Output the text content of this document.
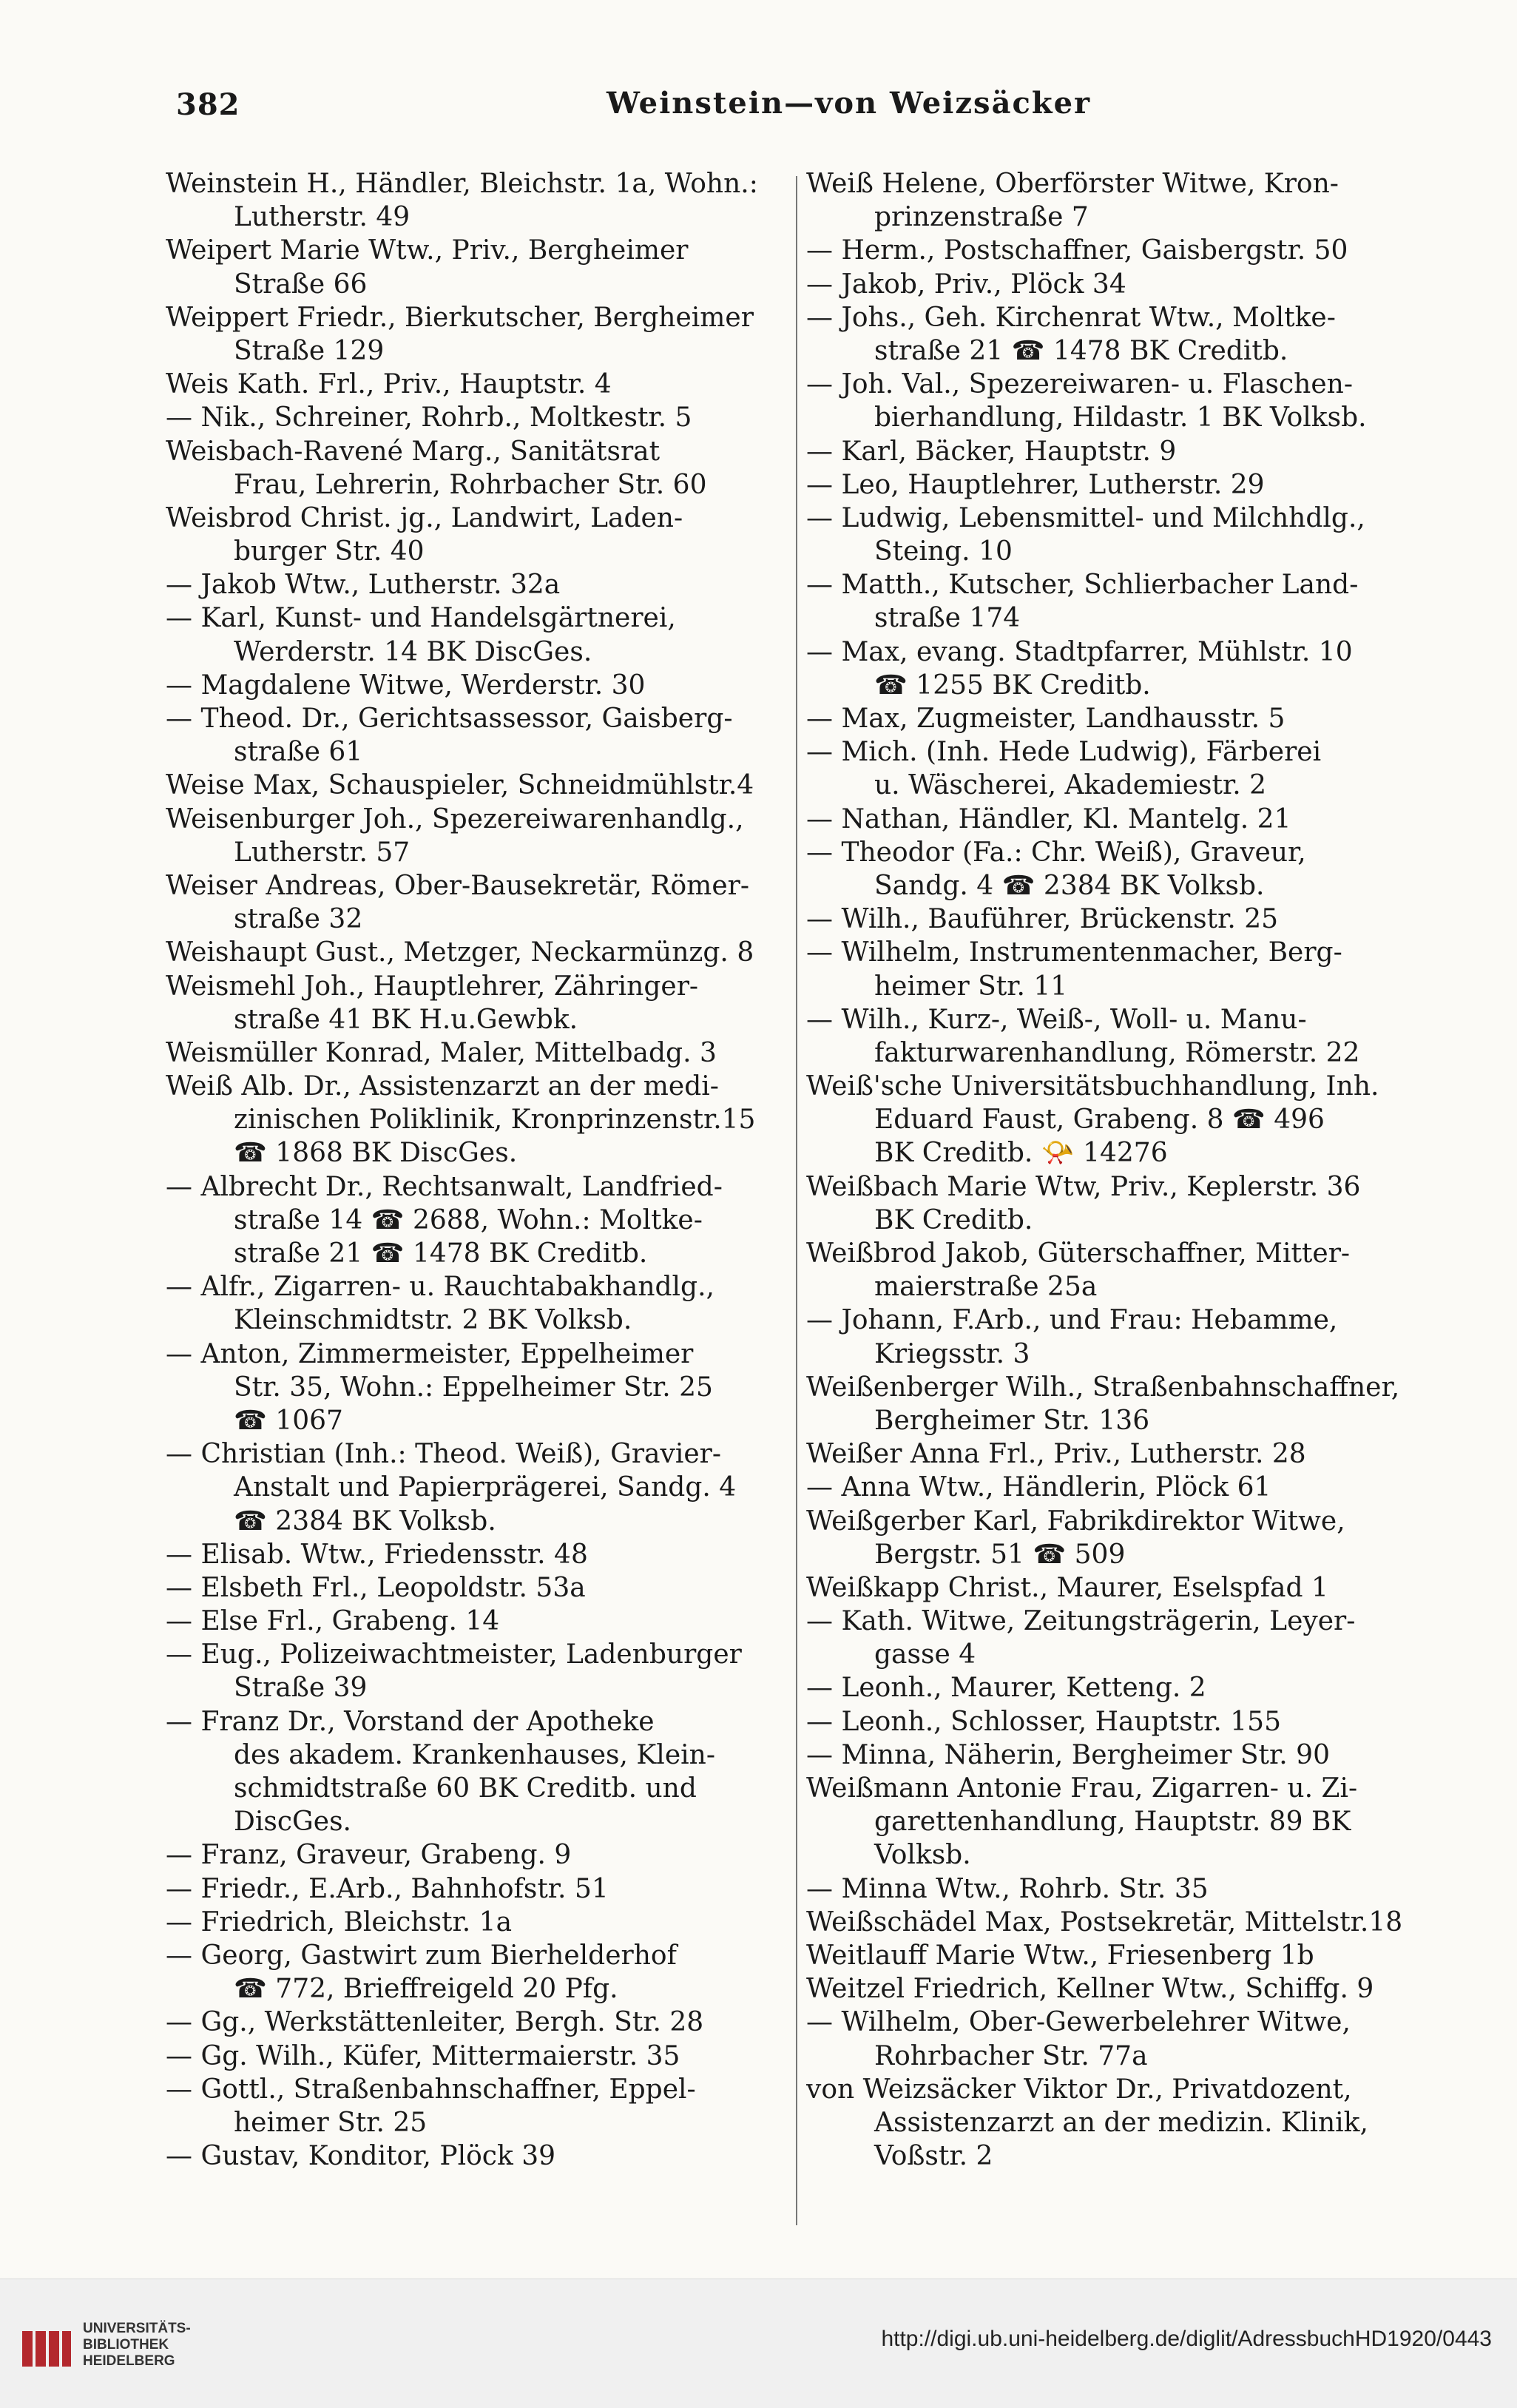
382	Weinstein—von Weizsäcker
Weinstein H., Händler, Bleichstr. 1a, Wohn.:
Lutherstr. 49
Weipert Marie Wtw., Priv., Bergheimer
Straße 66
Weippert Friedr., Bierkutscher, Bergheimer
Straße 129
Weis Kath. Frl., Priv., Hauptstr. 4
— Nik., Schreiner, Rohrb., Moltkestr. 5
Weisbach-Ravené Marg., Sanitätsrat
Frau, Lehrerin, Rohrbacher Str. 60
Weisbrod Christ. jg., Landwirt, Laden-
burger Str. 40
— Jakob Wtw., Lutherstr. 32a
— Karl, Kunst- und Handelsgärtnerei,
Werderstr. 14 BK DiscGes.
— Magdalene Witwe, Werderstr. 30
— Theod. Dr., Gerichtsassessor, Gaisberg-
straße 61
Weise Max, Schauspieler, Schneidmühlstr.4
Weisenburger Joh., Spezereiwarenhandlg.,
Lutherstr. 57
Weiser Andreas, Ober-Bausekretär, Römer-
straße 32
Weishaupt Gust., Metzger, Neckarmünzg. 8
Weismehl Joh., Hauptlehrer, Zähringer-
straße 41 BK H.u.Gewbk.
Weismüller Konrad, Maler, Mittelbadg. 3
Weiß Alb. Dr., Assistenzarzt an der medi-
zinischen Poliklinik, Kronprinzenstr.15
☎ 1868 BK DiscGes.
— Albrecht Dr., Rechtsanwalt, Landfried-
straße 14 ☎ 2688, Wohn.: Moltke-
straße 21 ☎ 1478 BK Creditb.
— Alfr., Zigarren- u. Rauchtabakhandlg.,
Kleinschmidtstr. 2 BK Volksb.
— Anton, Zimmermeister, Eppelheimer
Str. 35, Wohn.: Eppelheimer Str. 25
☎ 1067
— Christian (Inh.: Theod. Weiß), Gravier-
Anstalt und Papierprägerei, Sandg. 4
☎ 2384 BK Volksb.
— Elisab. Wtw., Friedensstr. 48
— Elsbeth Frl., Leopoldstr. 53a
— Else Frl., Grabeng. 14
— Eug., Polizeiwachtmeister, Ladenburger
Straße 39
— Franz Dr., Vorstand der Apotheke
des akadem. Krankenhauses, Klein-
schmidtstraße 60 BK Creditb. und
DiscGes.
— Franz, Graveur, Grabeng. 9
— Friedr., E.Arb., Bahnhofstr. 51
— Friedrich, Bleichstr. 1a
— Georg, Gastwirt zum Bierhelderhof
☎ 772, Brieffreigeld 20 Pfg.
— Gg., Werkstättenleiter, Bergh. Str. 28
— Gg. Wilh., Küfer, Mittermaierstr. 35
— Gottl., Straßenbahnschaffner, Eppel-
heimer Str. 25
— Gustav, Konditor, Plöck 39
Weiß Helene, Oberförster Witwe, Kron-
prinzenstraße 7
— Herm., Postschaffner, Gaisbergstr. 50
— Jakob, Priv., Plöck 34
— Johs., Geh. Kirchenrat Wtw., Moltke-
straße 21 ☎ 1478 BK Creditb.
— Joh. Val., Spezereiwaren- u. Flaschen-
bierhandlung, Hildastr. 1 BK Volksb.
— Karl, Bäcker, Hauptstr. 9
— Leo, Hauptlehrer, Lutherstr. 29
— Ludwig, Lebensmittel- und Milchhdlg.,
Steing. 10
— Matth., Kutscher, Schlierbacher Land-
straße 174
— Max, evang. Stadtpfarrer, Mühlstr. 10
☎ 1255 BK Creditb.
— Max, Zugmeister, Landhausstr. 5
— Mich. (Inh. Hede Ludwig), Färberei
u. Wäscherei, Akademiestr. 2
— Nathan, Händler, Kl. Mantelg. 21
— Theodor (Fa.: Chr. Weiß), Graveur,
Sandg. 4 ☎ 2384 BK Volksb.
— Wilh., Bauführer, Brückenstr. 25
— Wilhelm, Instrumentenmacher, Berg-
heimer Str. 11
— Wilh., Kurz-, Weiß-, Woll- u. Manu-
fakturwarenhandlung, Römerstr. 22
Weiß'sche Universitätsbuchhandlung, Inh.
Eduard Faust, Grabeng. 8 ☎ 496
BK Creditb. 📯 14276
Weißbach Marie Wtw, Priv., Keplerstr. 36
BK Creditb.
Weißbrod Jakob, Güterschaffner, Mitter-
maierstraße 25a
— Johann, F.Arb., und Frau: Hebamme,
Kriegsstr. 3
Weißenberger Wilh., Straßenbahnschaffner,
Bergheimer Str. 136
Weißer Anna Frl., Priv., Lutherstr. 28
— Anna Wtw., Händlerin, Plöck 61
Weißgerber Karl, Fabrikdirektor Witwe,
Bergstr. 51 ☎ 509
Weißkapp Christ., Maurer, Eselspfad 1
— Kath. Witwe, Zeitungsträgerin, Leyer-
gasse 4
— Leonh., Maurer, Ketteng. 2
— Leonh., Schlosser, Hauptstr. 155
— Minna, Näherin, Bergheimer Str. 90
Weißmann Antonie Frau, Zigarren- u. Zi-
garettenhandlung, Hauptstr. 89 BK
Volksb.
— Minna Wtw., Rohrb. Str. 35
Weißschädel Max, Postsekretär, Mittelstr.18
Weitlauff Marie Wtw., Friesenberg 1b
Weitzel Friedrich, Kellner Wtw., Schiffg. 9
— Wilhelm, Ober-Gewerbelehrer Witwe,
Rohrbacher Str. 77a
von Weizsäcker Viktor Dr., Privatdozent,
Assistenzarzt an der medizin. Klinik,
Voßstr. 2
UNIVERSITÄTS-
BIBLIOTHEK
HEIDELBERG
http://digi.ub.uni-heidelberg.de/diglit/AdressbuchHD1920/0443
